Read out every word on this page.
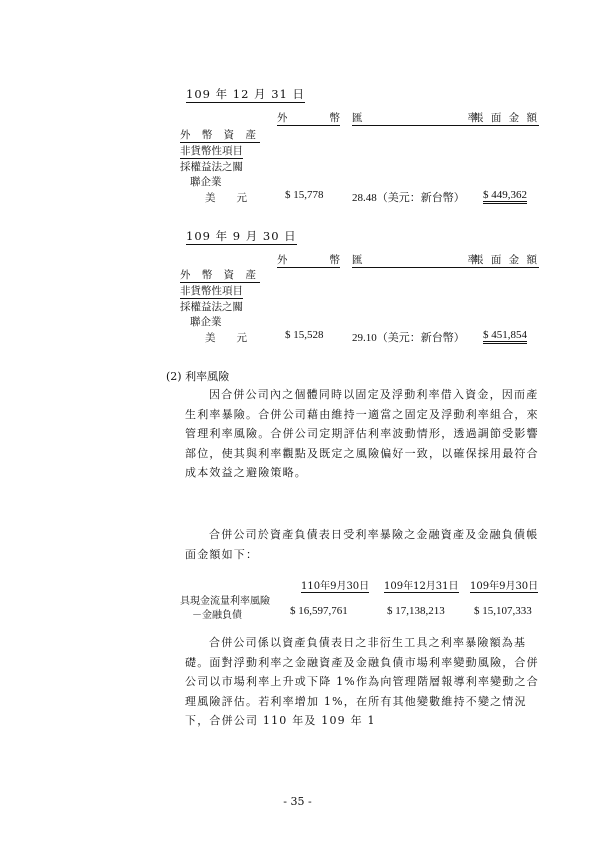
109 年 12 月 31 日
外　　　　幣 匯　　　　　　　　　　率
帳 面 金 額
外 幣 資 產
非貨幣性項目
採權益法之關
聯企業
美　　元	$ 15,778	28.48（美元：新台幣） $ 449,362
109 年 9 月 30 日
外　　　　幣 匯　　　　　　　　　　率
帳 面 金 額
外 幣 資 產
非貨幣性項目
採權益法之關
聯企業
美　　元	$ 15,528	29.10（美元：新台幣） $ 451,854
(2) 利率風險

因合併公司內之個體同時以固定及浮動利率借入資金，因而產生利率暴險。合併公司藉由維持一適當之固定及浮動利率組合，來管理利率風險。合併公司定期評估利率波動情形，透過調節受影響部位，使其與利率觀點及既定之風險偏好一致，以確保採用最符合成本效益之避險策略。

合併公司於資產負債表日受利率暴險之金融資產及金融負債帳面金額如下：

110年9月30日 109年12月31日 109年9月30日
具現金流量利率風險
－金融負債	$ 16,597,761	$ 17,138,213	$ 15,107,333

合併公司係以資產負債表日之非衍生工具之利率暴險額為基礎。面對浮動利率之金融資產及金融負債市場利率變動風險，合併公司以市場利率上升或下降 1%作為向管理階層報導利率變動之合理風險評估。若利率增加 1%，在所有其他變數維持不變之情況下，合併公司 110 年及 109 年 1

- 35 -
